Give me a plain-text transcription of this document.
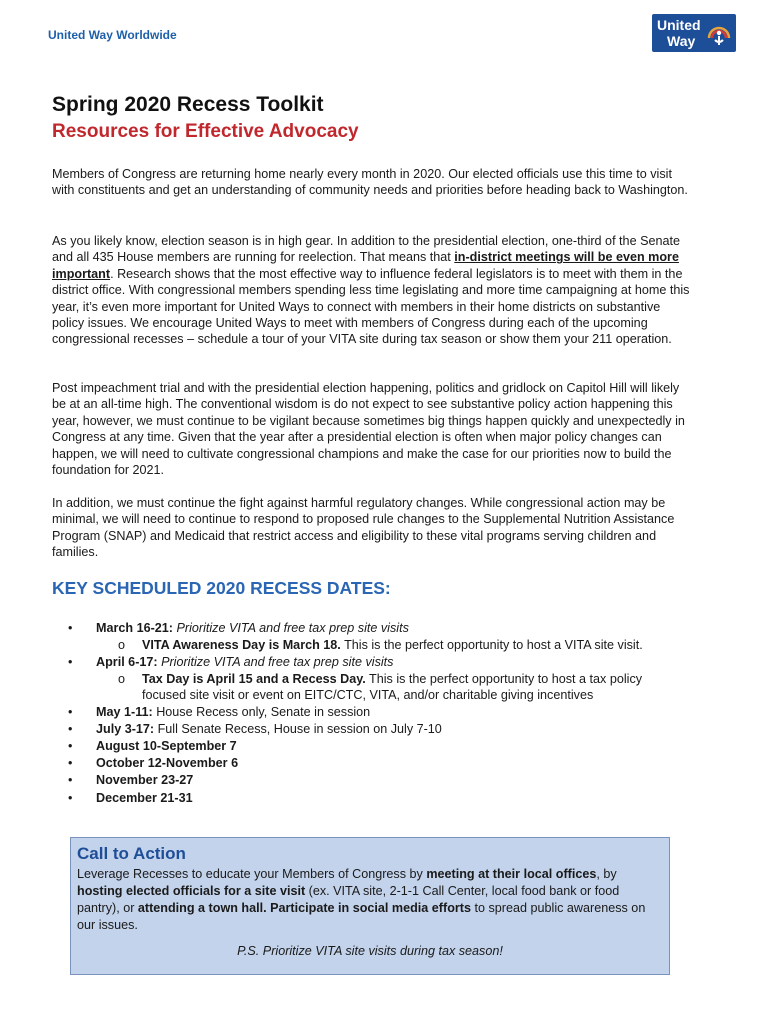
United Way Worldwide
United
Way
Spring 2020 Recess Toolkit
Resources for Effective Advocacy

Members of Congress are returning home nearly every month in 2020. Our elected officials use this time to visit with constituents and get an understanding of community needs and priorities before heading back to Washington.

As you likely know, election season is in high gear. In addition to the presidential election, one-third of the Senate and all 435 House members are running for reelection. That means that in-district meetings will be even more important. Research shows that the most effective way to influence federal legislators is to meet with them in the district office. With congressional members spending less time legislating and more time campaigning at home this year, it’s even more important for United Ways to connect with members in their home districts on substantive policy issues. We encourage United Ways to meet with members of Congress during each of the upcoming congressional recesses – schedule a tour of your VITA site during tax season or show them your 211 operation.

Post impeachment trial and with the presidential election happening, politics and gridlock on Capitol Hill will likely be at an all-time high. The conventional wisdom is do not expect to see substantive policy action happening this year, however, we must continue to be vigilant because sometimes big things happen quickly and unexpectedly in Congress at any time. Given that the year after a presidential election is often when major policy changes can happen, we will need to cultivate congressional champions and make the case for our priorities now to build the foundation for 2021.

In addition, we must continue the fight against harmful regulatory changes. While congressional action may be minimal, we will need to continue to respond to proposed rule changes to the Supplemental Nutrition Assistance Program (SNAP) and Medicaid that restrict access and eligibility to these vital programs serving children and families.

KEY SCHEDULED 2020 RECESS DATES:
• March 16-21: Prioritize VITA and free tax prep site visits
o VITA Awareness Day is March 18. This is the perfect opportunity to host a VITA site visit.
• April 6-17: Prioritize VITA and free tax prep site visits
o Tax Day is April 15 and a Recess Day. This is the perfect opportunity to host a tax policy focused site visit or event on EITC/CTC, VITA, and/or charitable giving incentives
• May 1-11: House Recess only, Senate in session
• July 3-17: Full Senate Recess, House in session on July 7-10
• August 10-September 7
• October 12-November 6
• November 23-27
• December 21-31
Call to Action

Leverage Recesses to educate your Members of Congress by meeting at their local offices, by hosting elected officials for a site visit (ex. VITA site, 2-1-1 Call Center, local food bank or food pantry), or attending a town hall. Participate in social media efforts to spread public awareness on our issues.

P.S. Prioritize VITA site visits during tax season!
